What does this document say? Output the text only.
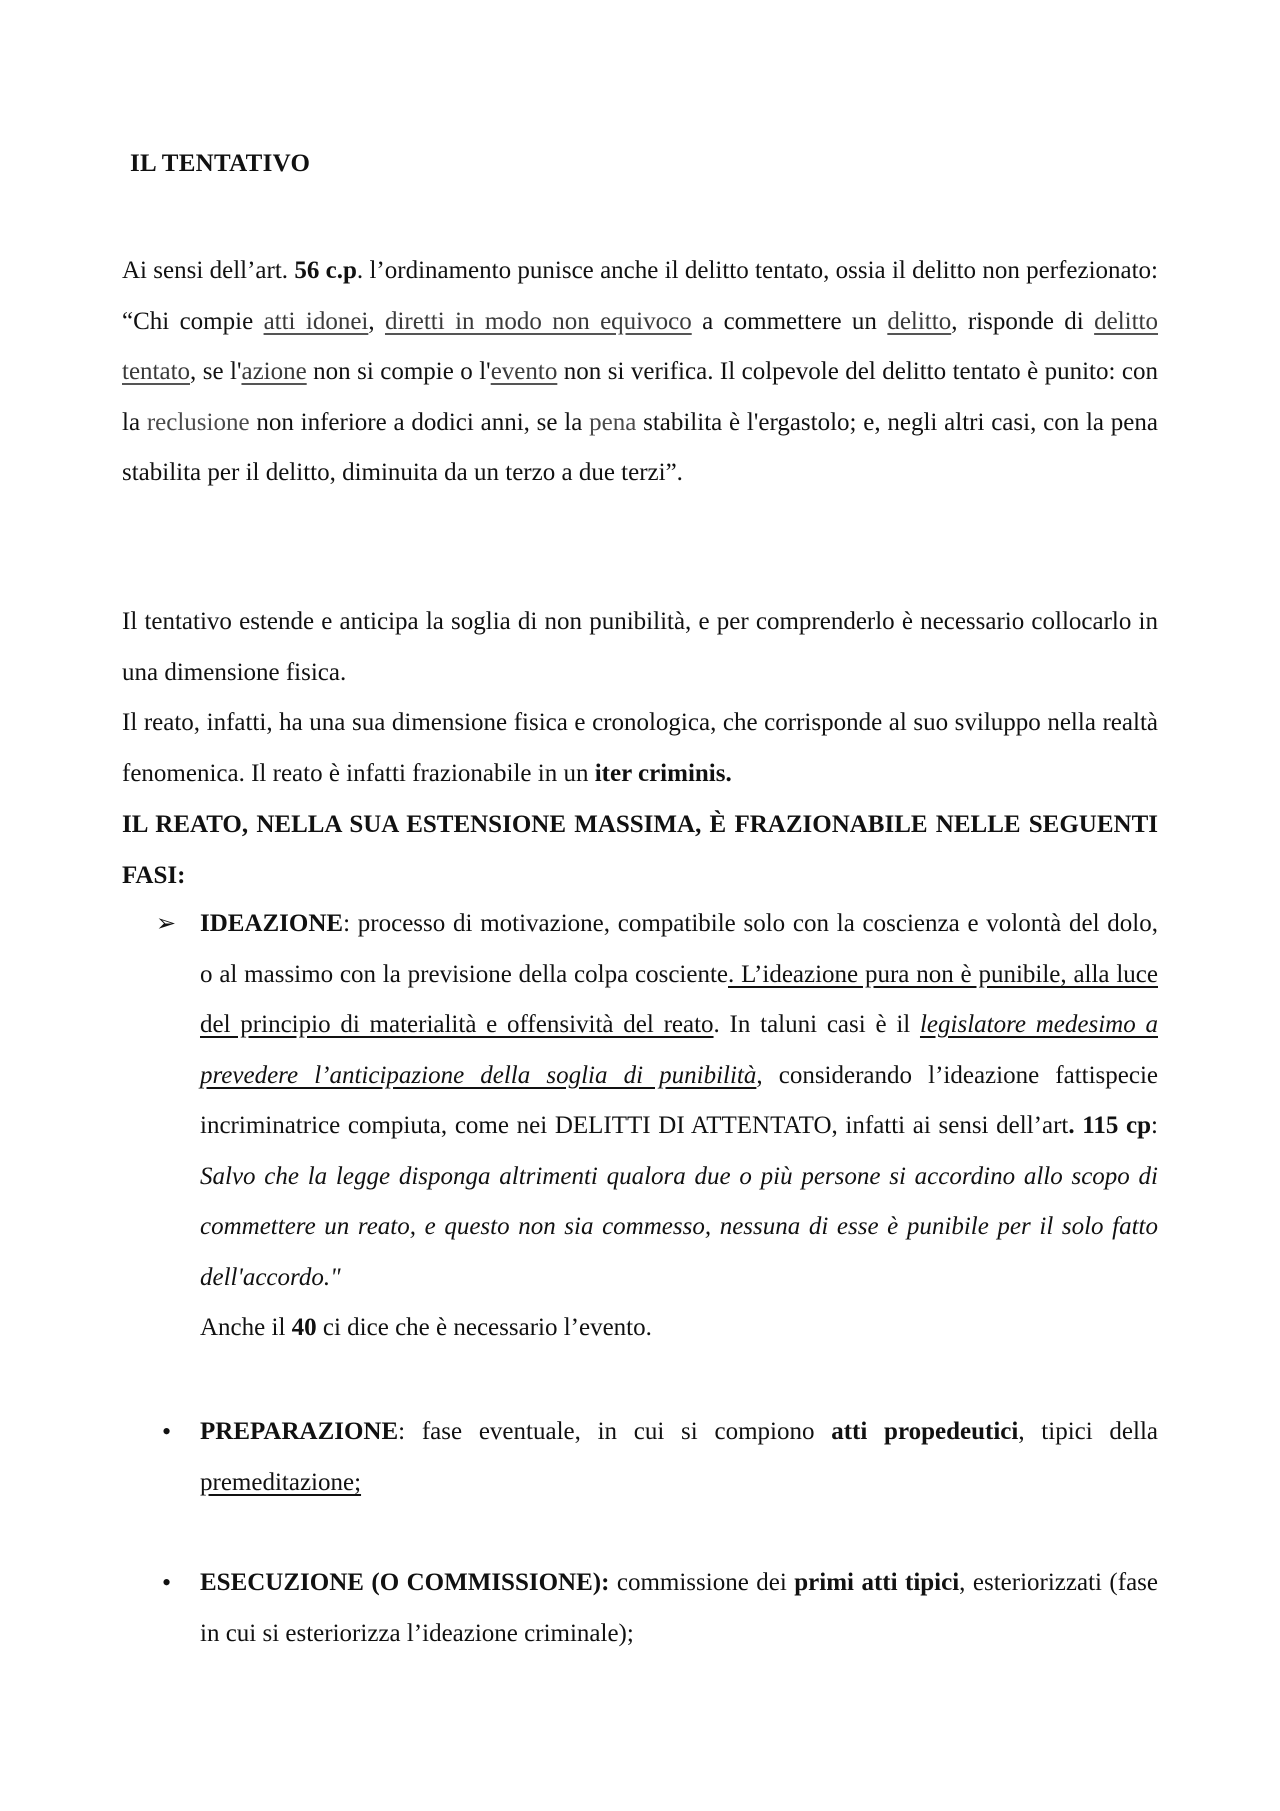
IL TENTATIVO

Ai sensi dell’art. 56 c.p. l’ordinamento punisce anche il delitto tentato, ossia il delitto non perfezionato: “Chi compie atti idonei, diretti in modo non equivoco a commettere un delitto, risponde di delitto tentato, se l'azione non si compie o l'evento non si verifica. Il colpevole del delitto tentato è punito: con la reclusione non inferiore a dodici anni, se la pena stabilita è l'ergastolo; e, negli altri casi, con la pena stabilita per il delitto, diminuita da un terzo a due terzi”.

Il tentativo estende e anticipa la soglia di non punibilità, e per comprenderlo è necessario collocarlo in una dimensione fisica.
Il reato, infatti, ha una sua dimensione fisica e cronologica, che corrisponde al suo sviluppo nella realtà fenomenica. Il reato è infatti frazionabile in un iter criminis.

IL REATO, NELLA SUA ESTENSIONE MASSIMA, È FRAZIONABILE NELLE SEGUENTI FASI:

➢ IDEAZIONE: processo di motivazione, compatibile solo con la coscienza e volontà del dolo, o al massimo con la previsione della colpa cosciente. L’ideazione pura non è punibile, alla luce del principio di materialità e offensività del reato. In taluni casi è il legislatore medesimo a prevedere l’anticipazione della soglia di punibilità, considerando l’ideazione fattispecie incriminatrice compiuta, come nei DELITTI DI ATTENTATO, infatti ai sensi dell’art. 115 cp: Salvo che la legge disponga altrimenti qualora due o più persone si accordino allo scopo di commettere un reato, e questo non sia commesso, nessuna di esse è punibile per il solo fatto dell'accordo."
Anche il 40 ci dice che è necessario l’evento.

• PREPARAZIONE: fase eventuale, in cui si compiono atti propedeutici, tipici della premeditazione;

• ESECUZIONE (O COMMISSIONE): commissione dei primi atti tipici, esteriorizzati (fase in cui si esteriorizza l’ideazione criminale);
